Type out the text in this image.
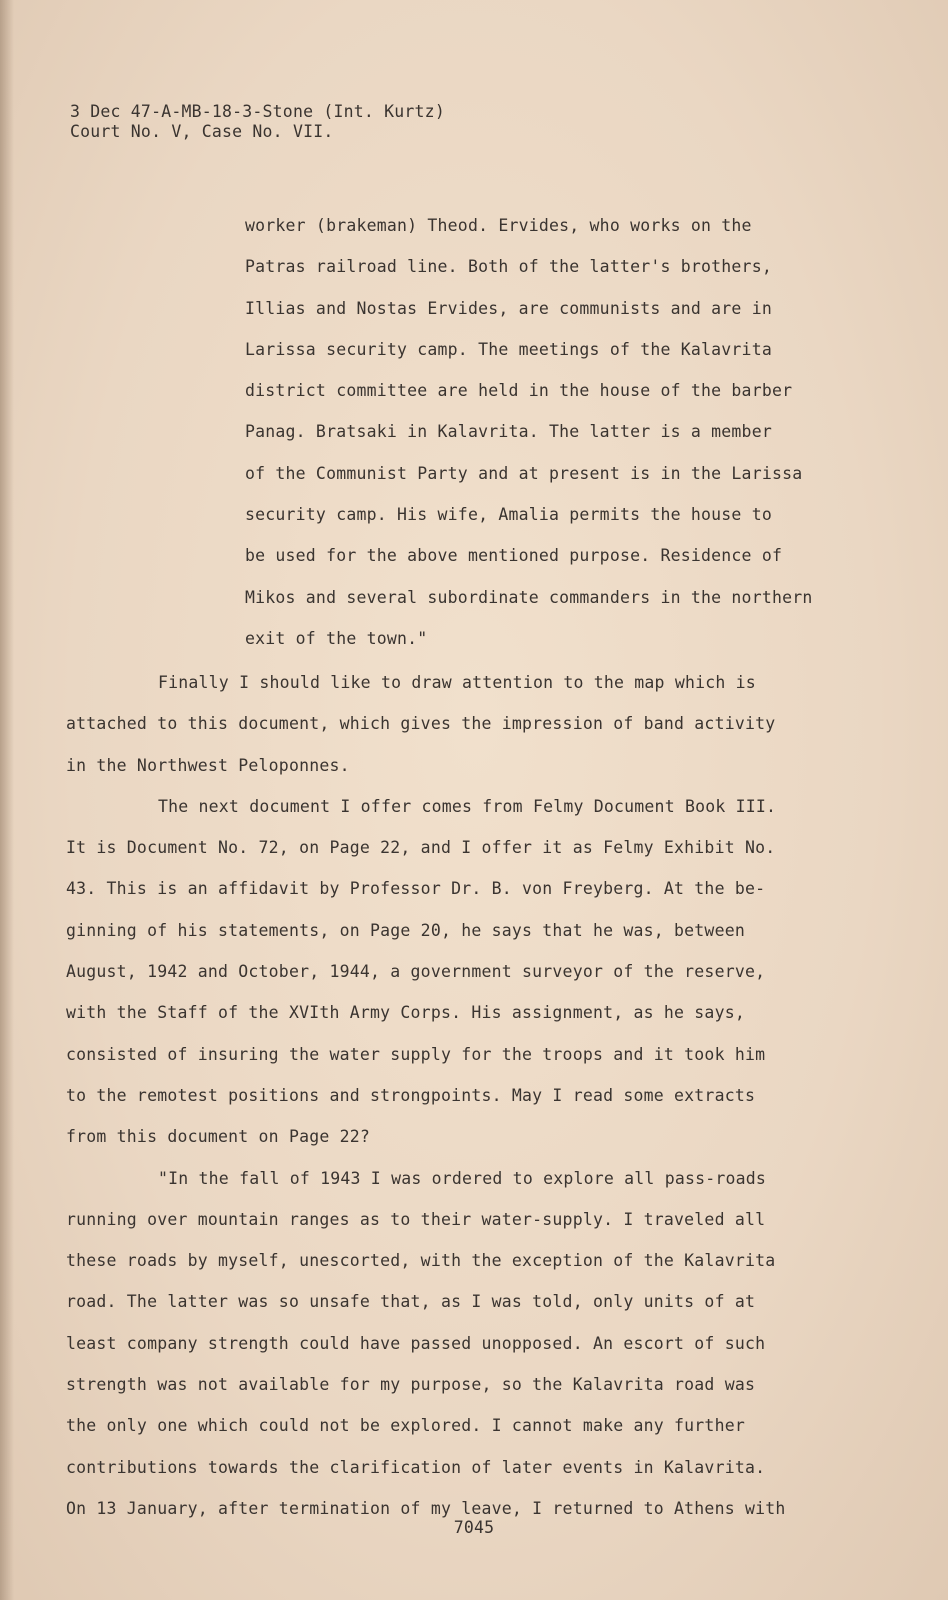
3 Dec 47-A-MB-18-3-Stone (Int. Kurtz)
Court No. V, Case No. VII.
worker (brakeman) Theod. Ervides, who works on the
Patras railroad line. Both of the latter's brothers,
Illias and Nostas Ervides, are communists and are in
Larissa security camp. The meetings of the Kalavrita
district committee are held in the house of the barber
Panag. Bratsaki in Kalavrita. The latter is a member
of the Communist Party and at present is in the Larissa
security camp. His wife, Amalia permits the house to
be used for the above mentioned purpose. Residence of
Mikos and several subordinate commanders in the northern
exit of the town."
Finally I should like to draw attention to the map which is
attached to this document, which gives the impression of band activity
in the Northwest Peloponnes.
The next document I offer comes from Felmy Document Book III.
It is Document No. 72, on Page 22, and I offer it as Felmy Exhibit No.
43. This is an affidavit by Professor Dr. B. von Freyberg. At the be-
ginning of his statements, on Page 20, he says that he was, between
August, 1942 and October, 1944, a government surveyor of the reserve,
with the Staff of the XVIth Army Corps. His assignment, as he says,
consisted of insuring the water supply for the troops and it took him
to the remotest positions and strongpoints. May I read some extracts
from this document on Page 22?
"In the fall of 1943 I was ordered to explore all pass-roads
running over mountain ranges as to their water-supply. I traveled all
these roads by myself, unescorted, with the exception of the Kalavrita
road. The latter was so unsafe that, as I was told, only units of at
least company strength could have passed unopposed. An escort of such
strength was not available for my purpose, so the Kalavrita road was
the only one which could not be explored. I cannot make any further
contributions towards the clarification of later events in Kalavrita.
On 13 January, after termination of my leave, I returned to Athens with
7045
